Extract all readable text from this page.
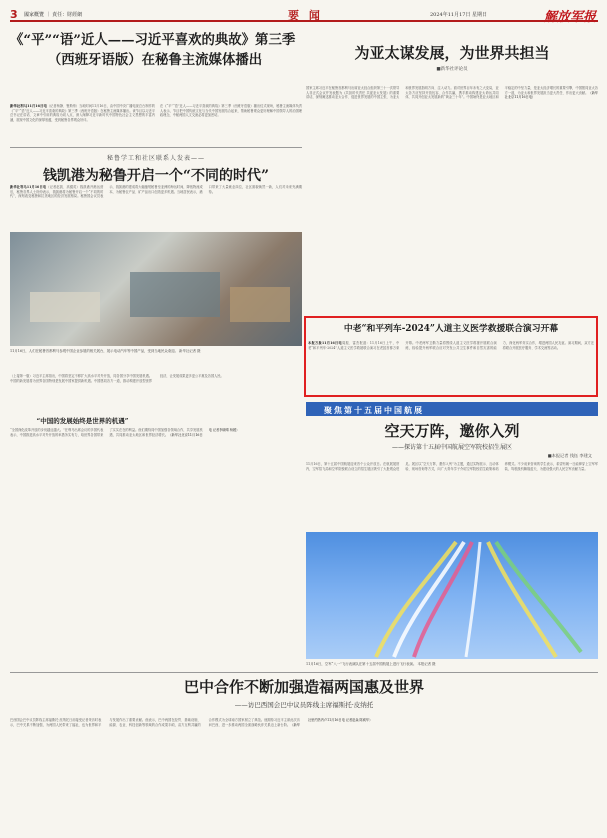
3 國家概覽 ｜ 責任：財經網	要 闻	2024年11月17日 星期日	解放军报
《“平”“语”近人——习近平喜欢的典故》第三季
（西班牙语版）在秘鲁主流媒体播出
新华社利马11月16日电（记者杨静、鲁斯蒂）当地时间11月16日，由中国中央广播电视总台制作的《“平”“语”近人——习近平喜欢的典故》第三季（西班牙语版）在秘鲁主流媒体播出。该节目以习近平总书记在讲话、文章中引用的典故为切入点，深入阐释习近平新时代中国特色社会主义思想的丰富内涵，展现中国文化的深厚底蕴，受到秘鲁各界观众好评。
在《“平”“语”近人——习近平喜欢的典故》第三季（西班牙语版）播出仪式现场，秘鲁主流媒体负责人表示，节目把中国传统文化与当代中国发展结合起来，帮助秘鲁观众更好理解中国领导人的治国理政理念，中秘两国人文交流必将更加密切。
秘鲁学工和社区联系人发表——
钱凯港为秘鲁开启一个“不同的时代”
新华社利马11月16日电（记者赵凯、高健英）钱凯港开港运营后，秘鲁各界人士纷纷表示，钱凯港将为秘鲁开启一个“不同的时代”，深刻改变秘鲁和拉美地区的经济发展格局。秘鲁国会议员表示，钱凯港的建成将大幅缩短秘鲁至亚洲的海运时间，降低物流成本，为秘鲁农产品、矿产品出口创造更多机遇。当地居民表示，港口带来了大量就业岗位，社区面貌焕然一新，人们对未来充满期待。
11月16日，人们在秘鲁首都利马参观中国企业参展的相关展台，展示电动汽车等中国产品，受到当地民众欢迎。 新华社记者 摄
（上接第一版）习近平主席指出，中国将坚定不移扩大高水平对外开放，同各国分享中国发展机遇。中国的新发展将为世界各国特别是发展中国家提供新机遇。中国愿同各方一道，推动构建开放型世界经济，让发展成果更多更公平惠及各国人民。
“中国的发展始终是世界的机遇”
“全国深化改革开放的步伐越迈越大。”在利马出席会议的多国代表表示，中国推进高水平对外开放的举措务实有力，给世界各国带来了实实在在的利益。他们期待同中国加强各领域合作，共享发展机遇，共同推动亚太地区和世界经济增长。（新华社北京11月16日电 记者李晓晴 杨媛）
为亚太谋发展，为世界共担当
■新华社评论员
国家主席习近平在秘鲁首都利马出席亚太经合组织第三十一次领导人非正式会议并发表题为《共担时代责任 共促亚太发展》的重要讲话，深刻阐述推动亚太合作、促进世界发展的中国主张，为亚太和世界发展指明方向、注入动力。面对世界百年未有之大变局，亚太各方应坚持开放包容、合作共赢，携手推动构建亚太命运共同体，共同开创亚太发展新的“黄金三十年”。中国始终是亚太地区和平稳定的中坚力量，是亚太经济增长的重要引擎，中国愿同亚太各方一道，为亚太和世界发展担当更大责任、作出更大贡献。（新华社北京11月16日电）
中老“和平列车-2024”人道主义医学救援联合演习开幕
本报万象11月16日电周振、雷杰报道：11月16日上午，中老“和平列车-2024”人道主义医学救援联合演习在老挝首都万象开幕。中老两军卫勤力量将围绕人道主义医学救援开展联合演练，检验提升两军联合应对突发公共卫生事件和自然灾害的能力，深化两军务实合作，增进两国人民友谊。演习期间，双方还将联合开展医疗服务、学术交流等活动。
聚焦第十五届中国航展
空天万阵，邀你入列
——探访第十五届中国航展空军院校招生展区
■本报记者 钱钰 李建文
11月16日，第十五届中国航展迎来首个公众开放日。在航展展馆内，空军招飞局和空军院校联合设立的招生展区吸引了大批观众驻足。展区以“空天万阵，邀你入列”为主题，通过实物展示、互动体验、现场咨询等方式，向广大青年学子介绍空军院校招生政策和培养模式。不少前来咨询的学生表示，希望有朝一日能够穿上空军军装，驾驶战机翱翔蓝天，为建设强大的人民空军贡献力量。
11月16日，空军“八一”飞行表演队在第十五届中国航展上进行飞行表演。 本报记者 摄
巴中合作不断加强造福两国惠及世界
——访巴西国会巴中议员阵线主席福斯托·皮纳托
巴西国会巴中议员阵线主席福斯托·皮纳托日前接受记者采访时表示，巴中关系不断加强，为两国人民带来了福祉，也为世界和平与发展作出了重要贡献。他表示，巴中两国在经贸、基础设施、能源、农业、科技创新等领域的合作成果丰硕，双方互利共赢的合作模式为全球南方国家树立了典范。他期待习近平主席此次访问巴西，进一步推动两国全面战略伙伴关系迈上新台阶。（新华社里约热内卢11月16日电 记者赵焱 陈威华）
